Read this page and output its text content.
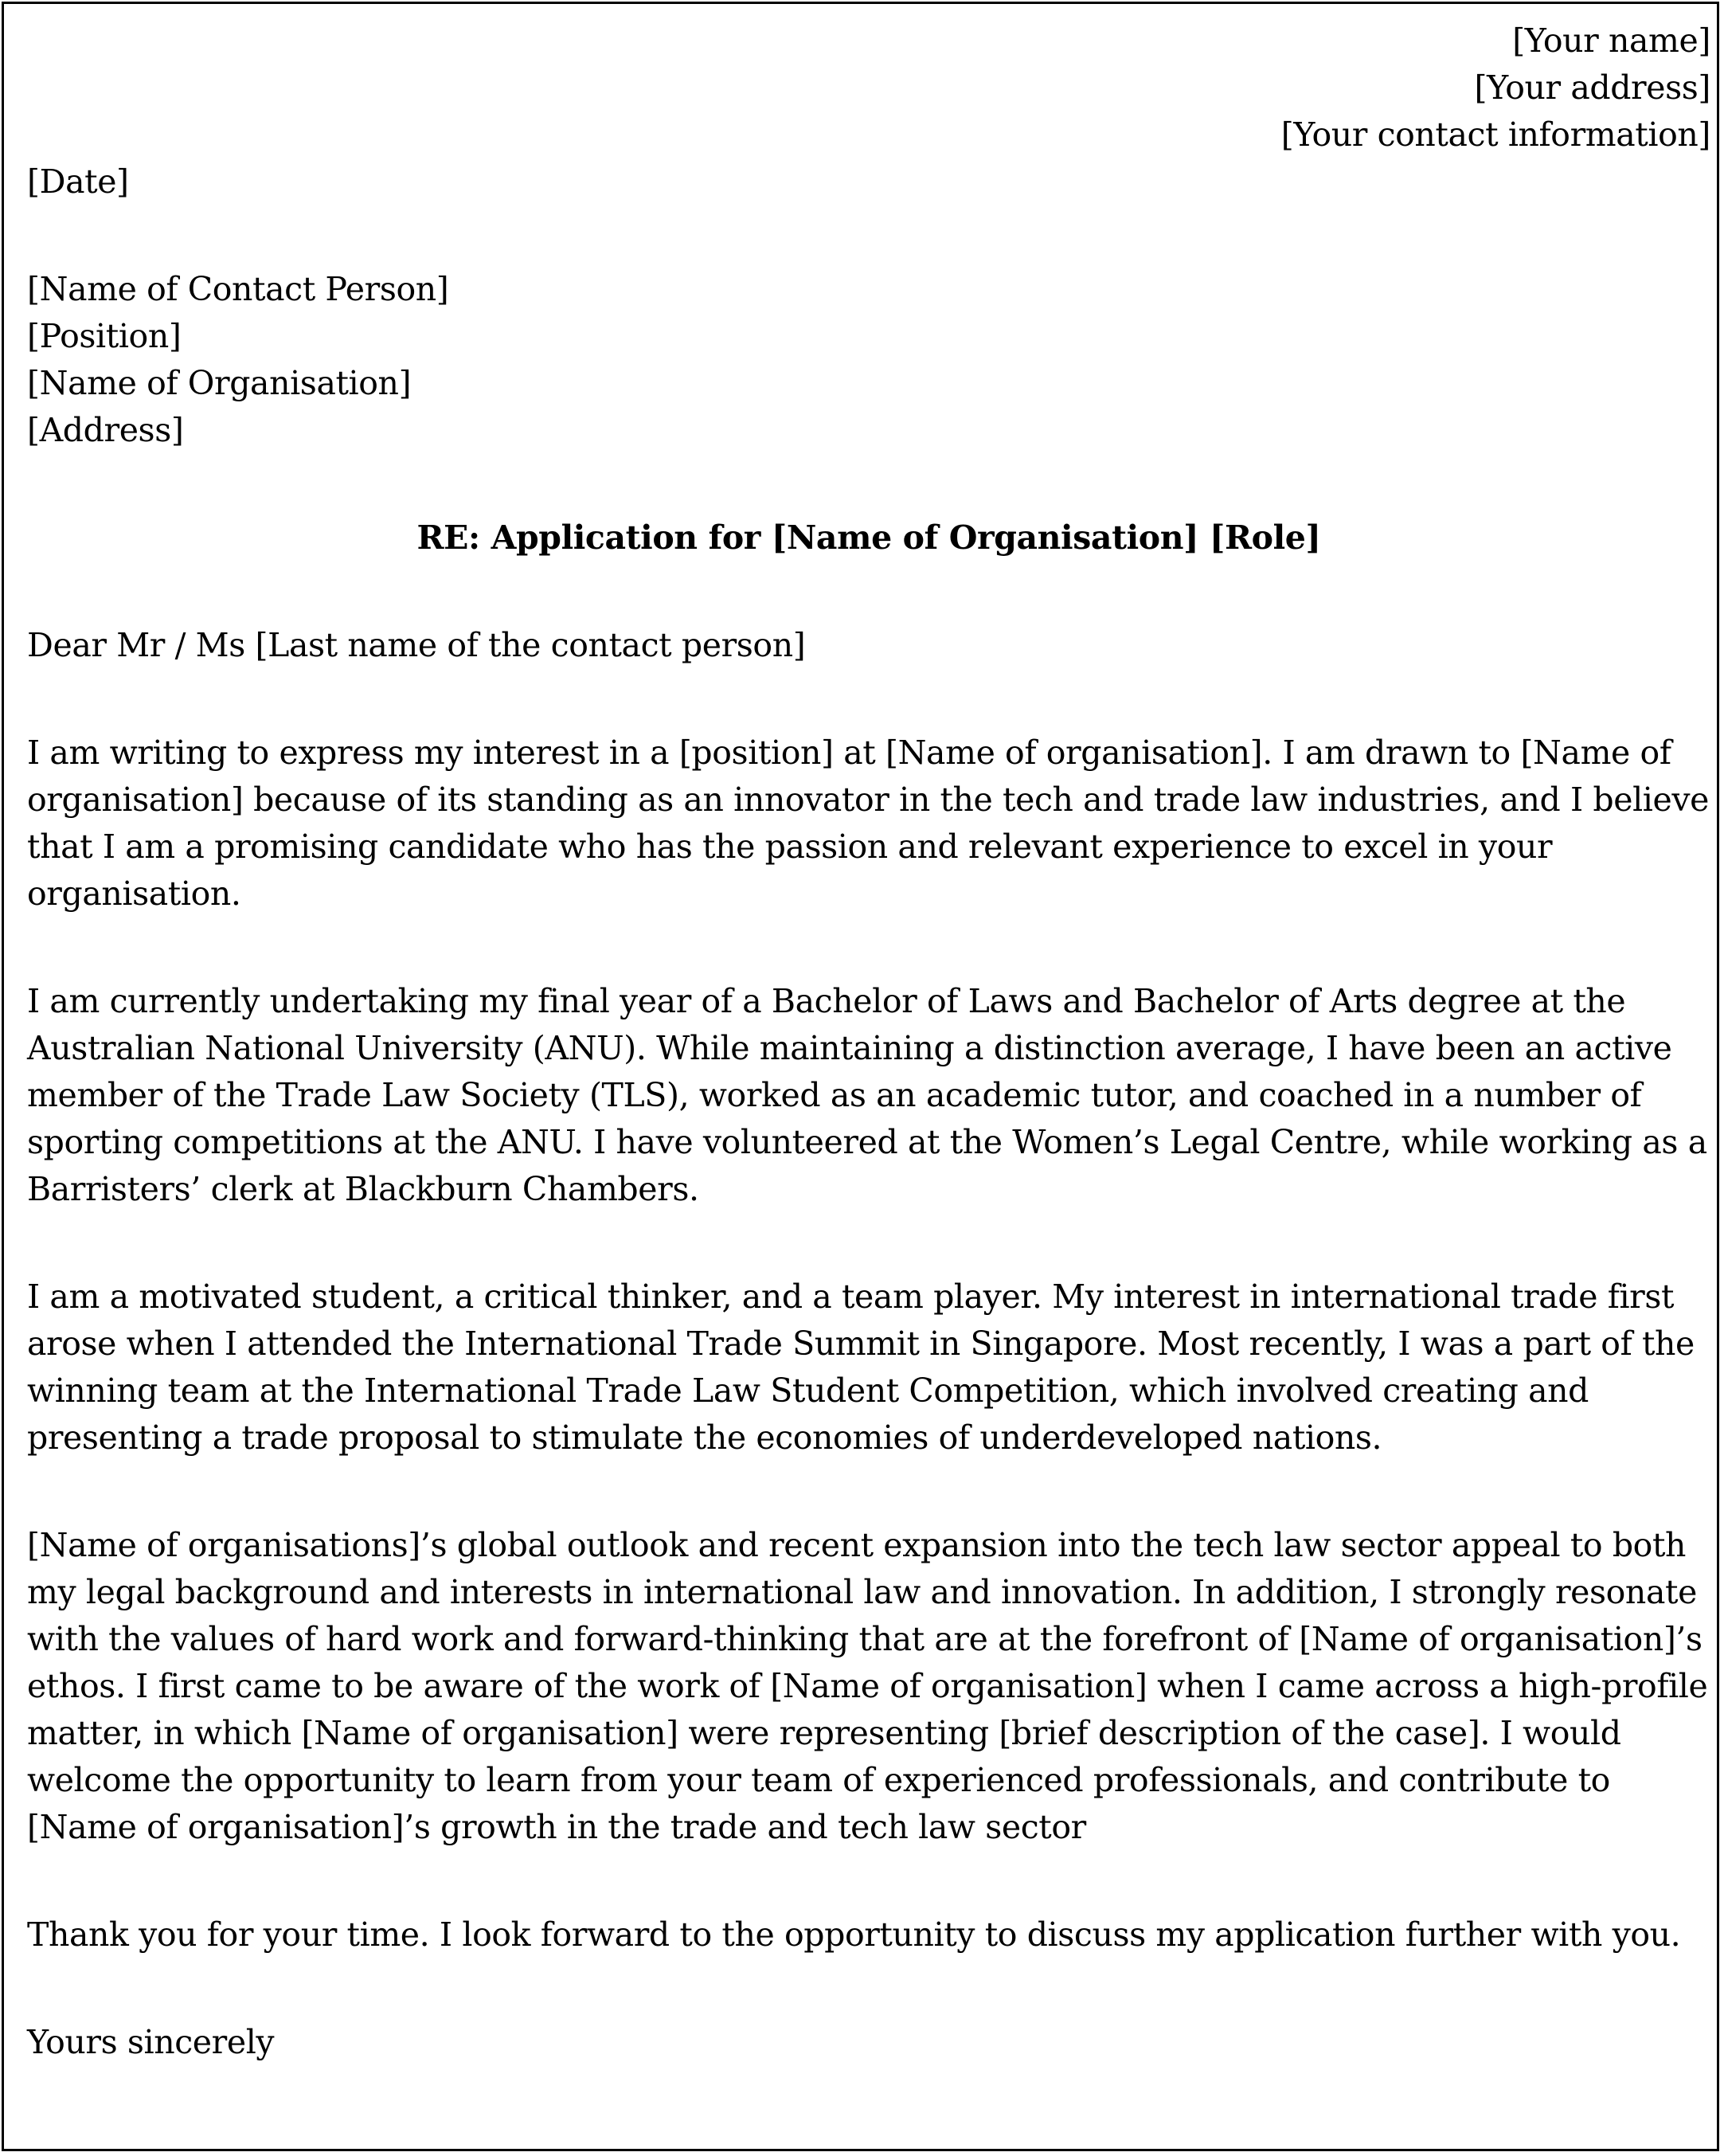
[Your name]
[Your address]
[Your contact information]
[Date]
[Name of Contact Person]
[Position]
[Name of Organisation]
[Address]
RE: Application for [Name of Organisation] [Role]
Dear Mr / Ms [Last name of the contact person]
I am writing to express my interest in a [position] at [Name of organisation]. I am drawn to [Name of organisation] because of its standing as an innovator in the tech and trade law industries, and I believe that I am a promising candidate who has the passion and relevant experience to excel in your organisation.
I am currently undertaking my final year of a Bachelor of Laws and Bachelor of Arts degree at the Australian National University (ANU). While maintaining a distinction average, I have been an active member of the Trade Law Society (TLS), worked as an academic tutor, and coached in a number of sporting competitions at the ANU. I have volunteered at the Women’s Legal Centre, while working as a Barristers’ clerk at Blackburn Chambers.
I am a motivated student, a critical thinker, and a team player. My interest in international trade first arose when I attended the International Trade Summit in Singapore. Most recently, I was a part of the winning team at the International Trade Law Student Competition, which involved creating and presenting a trade proposal to stimulate the economies of underdeveloped nations.
[Name of organisations]’s global outlook and recent expansion into the tech law sector appeal to both my legal background and interests in international law and innovation. In addition, I strongly resonate with the values of hard work and forward-thinking that are at the forefront of [Name of organisation]’s ethos. I first came to be aware of the work of [Name of organisation] when I came across a high-profile matter, in which [Name of organisation] were representing [brief description of the case]. I would welcome the opportunity to learn from your team of experienced professionals, and contribute to [Name of organisation]’s growth in the trade and tech law sector
Thank you for your time. I look forward to the opportunity to discuss my application further with you.
Yours sincerely
